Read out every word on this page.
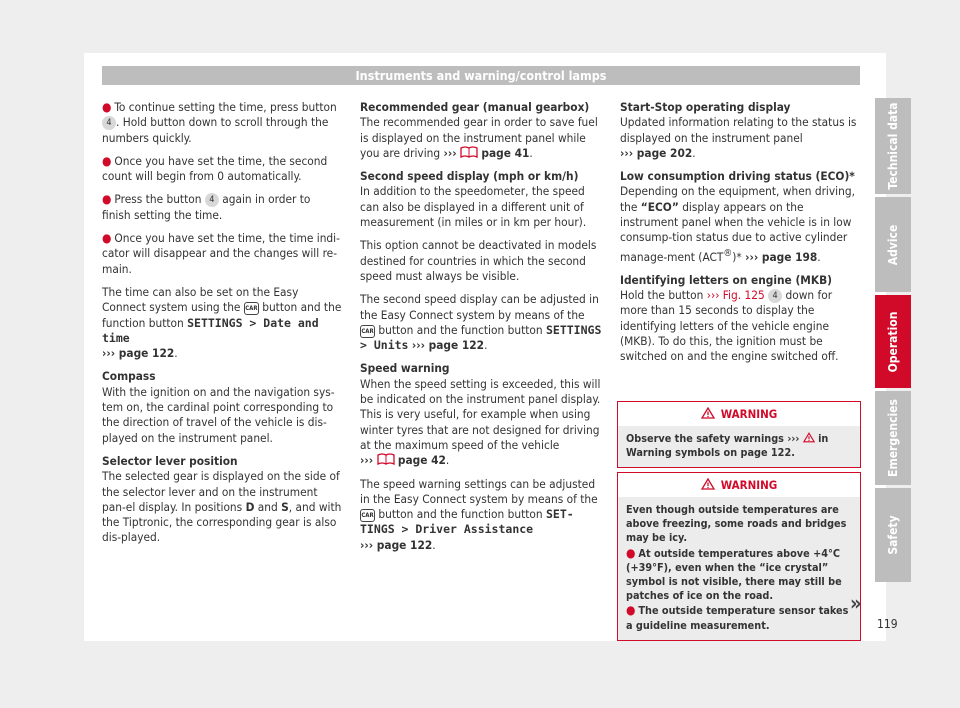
Instruments and warning/control lamps

● To continue setting the time, press button
4 . Hold button down to scroll through the numbers quickly.

● Once you have set the time, the second count will begin from 0 automatically.

● Press the button 4 again in order to finish setting the time.

● Once you have set the time, the time indi-cator will disappear and the changes will re-main.

The time can also be set on the Easy Connect system using the CAR button and the function button SETTINGS > Date and time
››› page 122.

Compass

With the ignition on and the navigation sys-tem on, the cardinal point corresponding to the direction of travel of the vehicle is dis-played on the instrument panel.

Selector lever position

The selected gear is displayed on the side of the selector lever and on the instrument pan-el display. In positions D and S, and with the Tiptronic, the corresponding gear is also dis-played.

Recommended gear (manual gearbox)

The recommended gear in order to save fuel is displayed on the instrument panel while you are driving ››› page 41.

Second speed display (mph or km/h)

In addition to the speedometer, the speed can also be displayed in a different unit of measurement (in miles or in km per hour).

This option cannot be deactivated in models destined for countries in which the second speed must always be visible.

The second speed display can be adjusted in the Easy Connect system by means of the CAR button and the function button SETTINGS > Units ››› page 122.

Speed warning

When the speed setting is exceeded, this will be indicated on the instrument panel display. This is very useful, for example when using winter tyres that are not designed for driving at the maximum speed of the vehicle
››› page 42.

The speed warning settings can be adjusted in the Easy Connect system by means of the
CAR button and the function button SET-TINGS > Driver Assistance
››› page 122.

Start-Stop operating display

Updated information relating to the status is displayed on the instrument panel
››› page 202.

Low consumption driving status (ECO)*

Depending on the equipment, when driving, the “ECO” display appears on the instrument panel when the vehicle is in low consump-tion status due to active cylinder manage-ment (ACT®)* ››› page 198.

Identifying letters on engine (MKB)

Hold the button ››› Fig. 125 4 down for more than 15 seconds to display the identifying letters of the vehicle engine (MKB). To do this, the ignition must be switched on and the engine switched off.

WARNING
Observe the safety warnings ›››  in Warning symbols on page 122.
WARNING
Even though outside temperatures are above freezing, some roads and bridges may be icy.
● At outside temperatures above +4°C (+39°F), even when the “ice crystal” symbol is not visible, there may still be patches of ice on the road.
● The outside temperature sensor takes a guideline measurement.
»
Technical data
Advice
Operation
Emergencies
Safety
119
